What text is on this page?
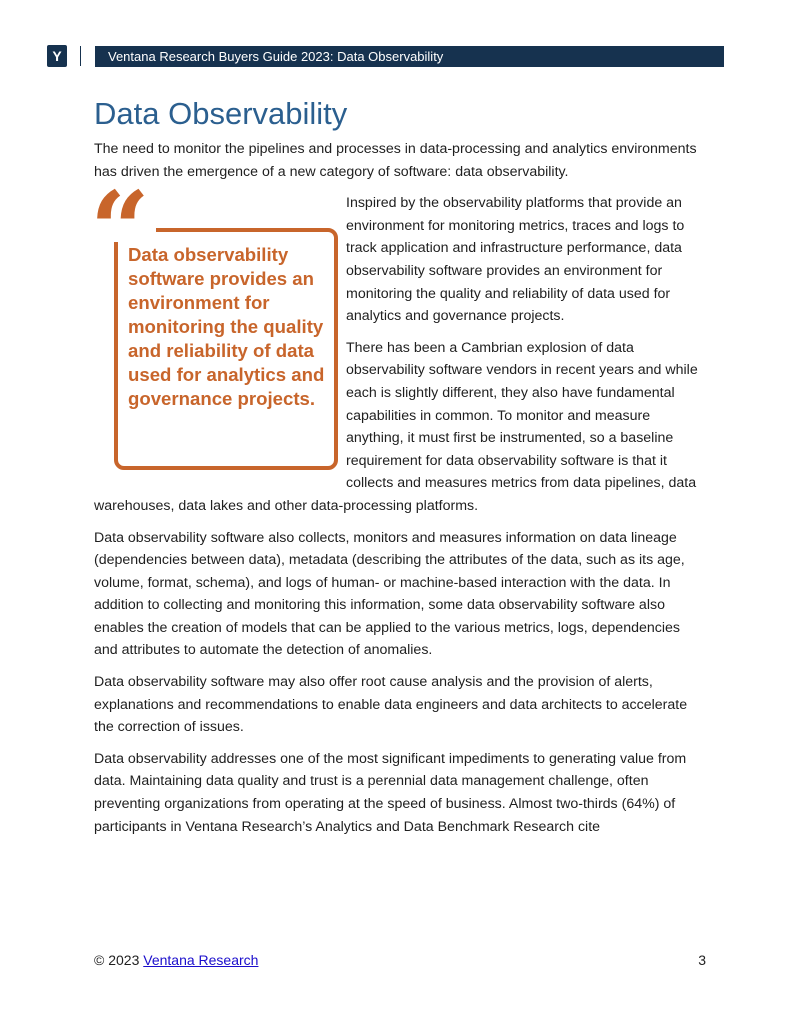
Y	Ventana Research Buyers Guide 2023: Data Observability
Data Observability

The need to monitor the pipelines and processes in data-processing and analytics environments has driven the emergence of a new category of software: data observability.

“
Data observability software provides an environment for monitoring the quality and reliability of data used for analytics and governance projects.

Inspired by the observability platforms that provide an environment for monitoring metrics, traces and logs to track application and infrastructure performance, data observability software provides an environment for monitoring the quality and reliability of data used for analytics and governance projects.

There has been a Cambrian explosion of data observability software vendors in recent years and while each is slightly different, they also have fundamental capabilities in common. To monitor and measure anything, it must first be instrumented, so a baseline requirement for data observability software is that it collects and measures metrics from data pipelines, data warehouses, data lakes and other data-processing platforms.

Data observability software also collects, monitors and measures information on data lineage (dependencies between data), metadata (describing the attributes of the data, such as its age, volume, format, schema), and logs of human- or machine-based interaction with the data. In addition to collecting and monitoring this information, some data observability software also enables the creation of models that can be applied to the various metrics, logs, dependencies and attributes to automate the detection of anomalies.

Data observability software may also offer root cause analysis and the provision of alerts, explanations and recommendations to enable data engineers and data architects to accelerate the correction of issues.

Data observability addresses one of the most significant impediments to generating value from data. Maintaining data quality and trust is a perennial data management challenge, often preventing organizations from operating at the speed of business. Almost two-thirds (64%) of participants in Ventana Research’s Analytics and Data Benchmark Research cite

© 2023 Ventana Research	3
